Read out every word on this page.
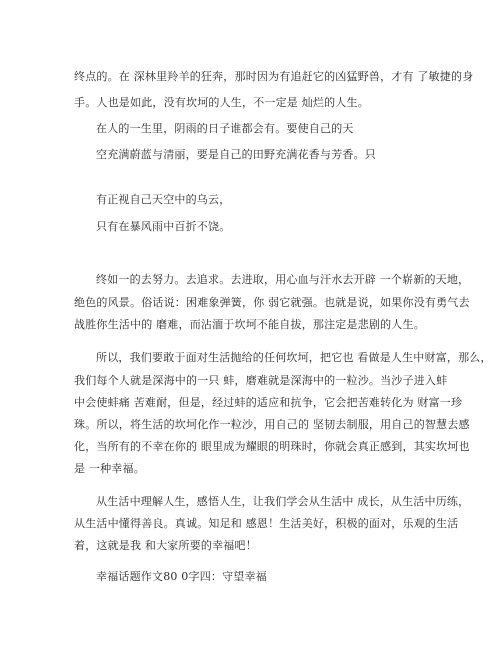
终点的。在 深林里羚羊的狂奔，那时因为有追赶它的凶猛野兽，才有 了敏捷的身
手。人也是如此，没有坎坷的人生，不一定是 灿烂的人生。
在人的一生里，阴雨的日子谁都会有。要使自己的天
空充满蔚蓝与清丽，要是自己的田野充满花香与芳香。只
有正视自己天空中的乌云，
只有在暴风雨中百折不饶。
终如一的去努力。去追求。去进取，用心血与汗水去开辟 一个崭新的天地，
绝色的风景。俗话说：困难象弹簧，你 弱它就强。也就是说，如果你没有勇气去
战胜你生活中的 磨难，而沾湎于坎坷不能自拔，那注定是悲剧的人生。
所以，我们要敢于面对生活抛给的任何坎坷，把它也 看做是人生中财富，那么，
我们每个人就是深海中的一只 蚌，磨难就是深海中的一粒沙。当沙子进入蚌
中会使蚌痛 苦难耐，但是，经过蚌的适应和抗争，它会把苦难转化为 财富一珍
珠。所以，将生活的坎坷化作一粒沙，用自己的 坚韧去制服，用自己的智慧去感
化，当所有的不幸在你的 眼里成为耀眼的明珠时，你就会真正感到，其实坎坷也
是 一种幸福。
从生活中理解人生，感悟人生，让我们学会从生活中 成长，从生活中历练，
从生活中懂得善良。真诚。知足和 感恩！生活美好，积极的面对，乐观的生活
着，这就是我 和大家所要的幸福吧！
幸福话题作文80 0字四：守望幸福
